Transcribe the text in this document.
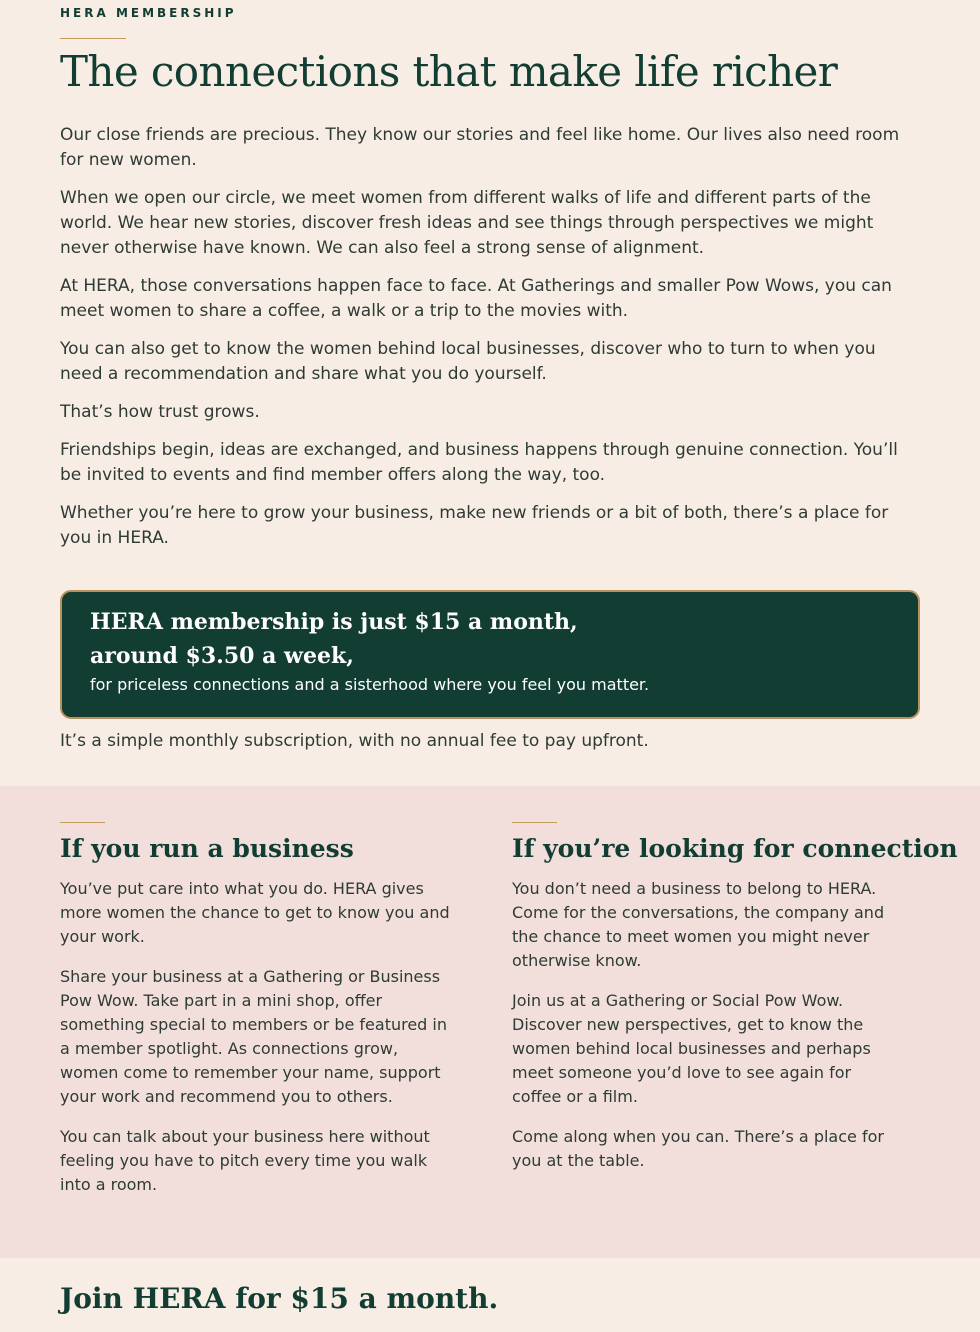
HERA MEMBERSHIP
The connections that make life richer

Our close friends are precious. They know our stories and feel like home. Our lives also need room for new women.

When we open our circle, we meet women from different walks of life and different parts of the world. We hear new stories, discover fresh ideas and see things through perspectives we might never otherwise have known. We can also feel a strong sense of alignment.

At HERA, those conversations happen face to face. At Gatherings and smaller Pow Wows, you can meet women to share a coffee, a walk or a trip to the movies with.

You can also get to know the women behind local businesses, discover who to turn to when you need a recommendation and share what you do yourself.

That’s how trust grows.

Friendships begin, ideas are exchanged, and business happens through genuine connection. You’ll be invited to events and find member offers along the way, too.

Whether you’re here to grow your business, make new friends or a bit of both, there’s a place for you in HERA.

HERA membership is just $15 a month, around $3.50 a week,
for priceless connections and a sisterhood where you feel you matter.
It’s a simple monthly subscription, with no annual fee to pay upfront.
If you run a business

You’ve put care into what you do. HERA gives more women the chance to get to know you and your work.

Share your business at a Gathering or Business Pow Wow. Take part in a mini shop, offer something special to members or be featured in a member spotlight. As connections grow, women come to remember your name, support your work and recommend you to others.

You can talk about your business here without feeling you have to pitch every time you walk into a room.

If you’re looking for connection

You don’t need a business to belong to HERA. Come for the conversations, the company and the chance to meet women you might never otherwise know.

Join us at a Gathering or Social Pow Wow. Discover new perspectives, get to know the women behind local businesses and perhaps meet someone you’d love to see again for coffee or a film.

Come along when you can. There’s a place for you at the table.

Join HERA for $15 a month.
